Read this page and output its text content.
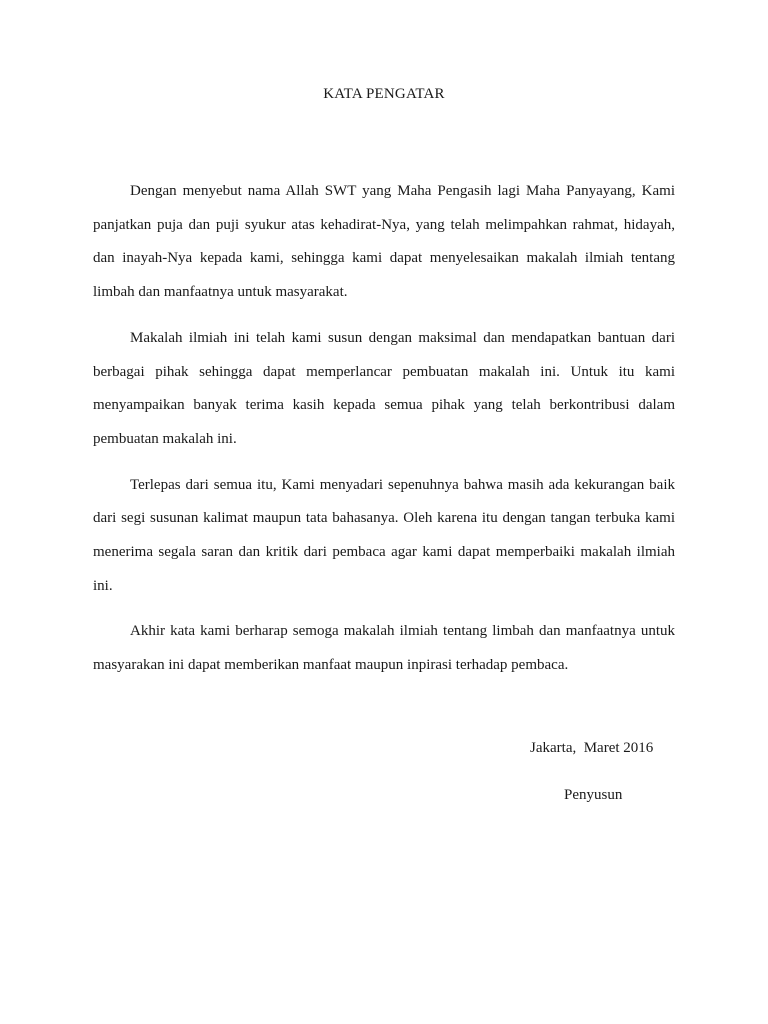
KATA PENGATAR

Dengan menyebut nama Allah SWT yang Maha Pengasih lagi Maha Panyayang, Kami panjatkan puja dan puji syukur atas kehadirat-Nya, yang telah melimpahkan rahmat, hidayah, dan inayah-Nya kepada kami, sehingga kami dapat menyelesaikan makalah ilmiah tentang limbah dan manfaatnya untuk masyarakat.

Makalah ilmiah ini telah kami susun dengan maksimal dan mendapatkan bantuan dari berbagai pihak sehingga dapat memperlancar pembuatan makalah ini. Untuk itu kami menyampaikan banyak terima kasih kepada semua pihak yang telah berkontribusi dalam pembuatan makalah ini.

Terlepas dari semua itu, Kami menyadari sepenuhnya bahwa masih ada kekurangan baik dari segi susunan kalimat maupun tata bahasanya. Oleh karena itu dengan tangan terbuka kami menerima segala saran dan kritik dari pembaca agar kami dapat memperbaiki makalah ilmiah ini.

Akhir kata kami berharap semoga makalah ilmiah tentang limbah dan manfaatnya untuk masyarakan ini dapat memberikan manfaat maupun inpirasi terhadap pembaca.

Jakarta,  Maret 2016
Penyusun
